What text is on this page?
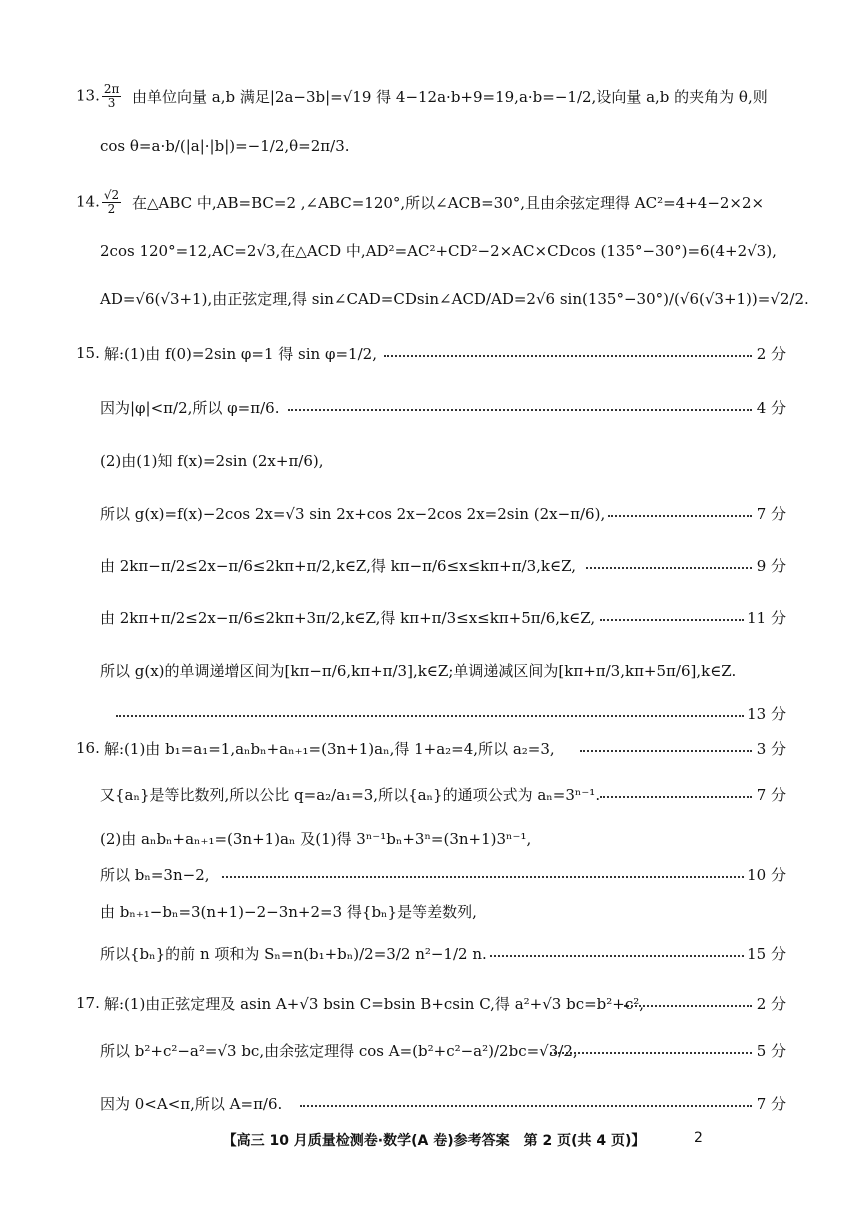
13. $\frac{2\pi}{3}$ 由单位向量 a,b 满足|2a−3b|=√19 得 4−12a·b+9=19,a·b=−1/2,设向量 a,b 的夹角为 θ,则
cos θ=a·b/(|a|·|b|)=−1/2,θ=2π/3.
14. $\frac{√2}{2}$ 在△ABC 中,AB=BC=2 ,∠ABC=120°,所以∠ACB=30°,且由余弦定理得 AC²=4+4−2×2×
2cos 120°=12,AC=2√3,在△ACD 中,AD²=AC²+CD²−2×AC×CDcos (135°−30°)=6(4+2√3),
AD=√6(√3+1),由正弦定理,得 sin∠CAD=CDsin∠ACD/AD=2√6 sin(135°−30°)/(√6(√3+1))=√2/2.
15. 解:(1)由 f(0)=2sin φ=1 得 sin φ=1/2,	2 分
因为|φ|<π/2,所以 φ=π/6.	4 分
(2)由(1)知 f(x)=2sin (2x+π/6),
所以 g(x)=f(x)−2cos 2x=√3 sin 2x+cos 2x−2cos 2x=2sin (2x−π/6),	7 分
由 2kπ−π/2≤2x−π/6≤2kπ+π/2,k∈Z,得 kπ−π/6≤x≤kπ+π/3,k∈Z,	9 分
由 2kπ+π/2≤2x−π/6≤2kπ+3π/2,k∈Z,得 kπ+π/3≤x≤kπ+5π/6,k∈Z,	11 分
所以 g(x)的单调递增区间为[kπ−π/6,kπ+π/3],k∈Z;单调递减区间为[kπ+π/3,kπ+5π/6],k∈Z.
13 分
16. 解:(1)由 b₁=a₁=1,aₙbₙ+aₙ₊₁=(3n+1)aₙ,得 1+a₂=4,所以 a₂=3,	3 分
又{aₙ}是等比数列,所以公比 q=a₂/a₁=3,所以{aₙ}的通项公式为 aₙ=3ⁿ⁻¹.	7 分
(2)由 aₙbₙ+aₙ₊₁=(3n+1)aₙ 及(1)得 3ⁿ⁻¹bₙ+3ⁿ=(3n+1)3ⁿ⁻¹,
所以 bₙ=3n−2,	10 分
由 bₙ₊₁−bₙ=3(n+1)−2−3n+2=3 得{bₙ}是等差数列,
所以{bₙ}的前 n 项和为 Sₙ=n(b₁+bₙ)/2=3/2 n²−1/2 n.	15 分
17. 解:(1)由正弦定理及 asin A+√3 bsin C=bsin B+csin C,得 a²+√3 bc=b²+c²,	2 分
所以 b²+c²−a²=√3 bc,由余弦定理得 cos A=(b²+c²−a²)/2bc=√3/2,	5 分
因为 0<A<π,所以 A=π/6.	7 分
【高三 10 月质量检测卷·数学(A 卷)参考答案　第 2 页(共 4 页)】	2
